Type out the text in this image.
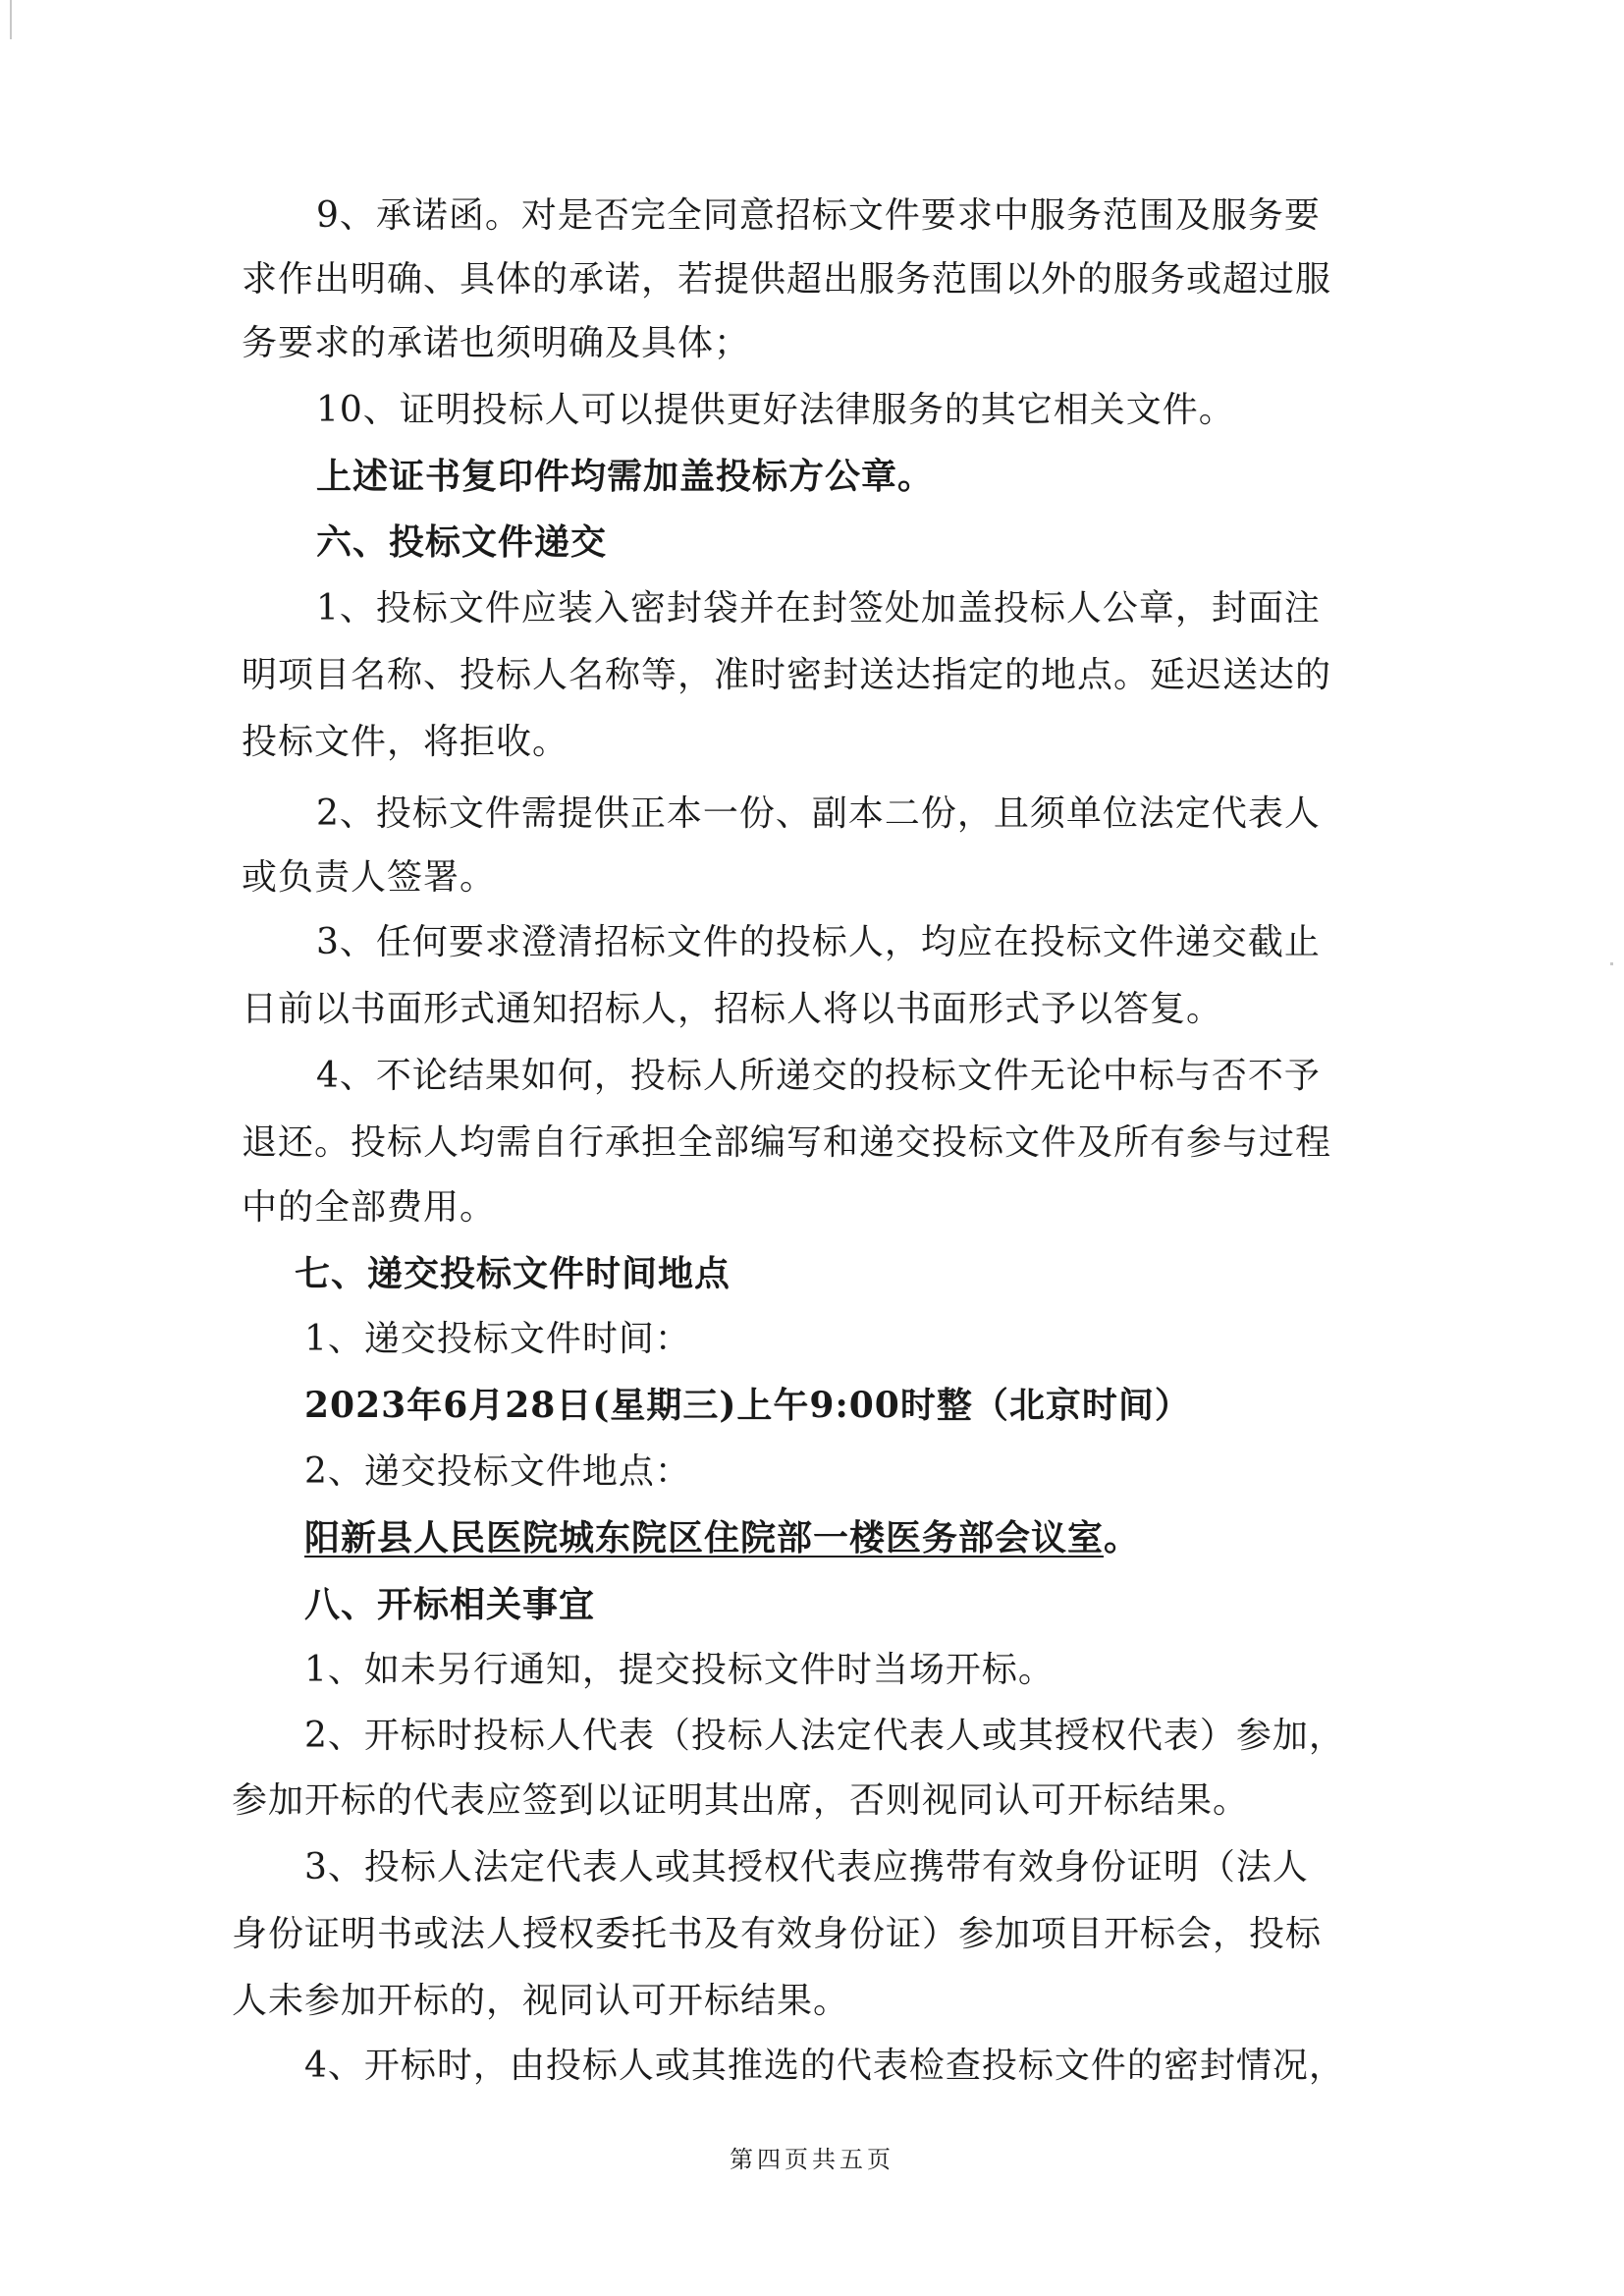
9、承诺函。对是否完全同意招标文件要求中服务范围及服务要
求作出明确、具体的承诺，若提供超出服务范围以外的服务或超过服
务要求的承诺也须明确及具体；
10、证明投标人可以提供更好法律服务的其它相关文件。
上述证书复印件均需加盖投标方公章。
六、投标文件递交
1、投标文件应装入密封袋并在封签处加盖投标人公章，封面注
明项目名称、投标人名称等，准时密封送达指定的地点。延迟送达的
投标文件，将拒收。
2、投标文件需提供正本一份、副本二份，且须单位法定代表人
或负责人签署。
3、任何要求澄清招标文件的投标人，均应在投标文件递交截止
日前以书面形式通知招标人，招标人将以书面形式予以答复。
4、不论结果如何，投标人所递交的投标文件无论中标与否不予
退还。投标人均需自行承担全部编写和递交投标文件及所有参与过程
中的全部费用。
七、递交投标文件时间地点
1、递交投标文件时间：
2023年6月28日(星期三)上午9:00时整（北京时间）
2、递交投标文件地点：
阳新县人民医院城东院区住院部一楼医务部会议室。
八、开标相关事宜
1、如未另行通知，提交投标文件时当场开标。
2、开标时投标人代表（投标人法定代表人或其授权代表）参加，
参加开标的代表应签到以证明其出席，否则视同认可开标结果。
3、投标人法定代表人或其授权代表应携带有效身份证明（法人
身份证明书或法人授权委托书及有效身份证）参加项目开标会，投标
人未参加开标的，视同认可开标结果。
4、开标时，由投标人或其推选的代表检查投标文件的密封情况，
第四页共五页
